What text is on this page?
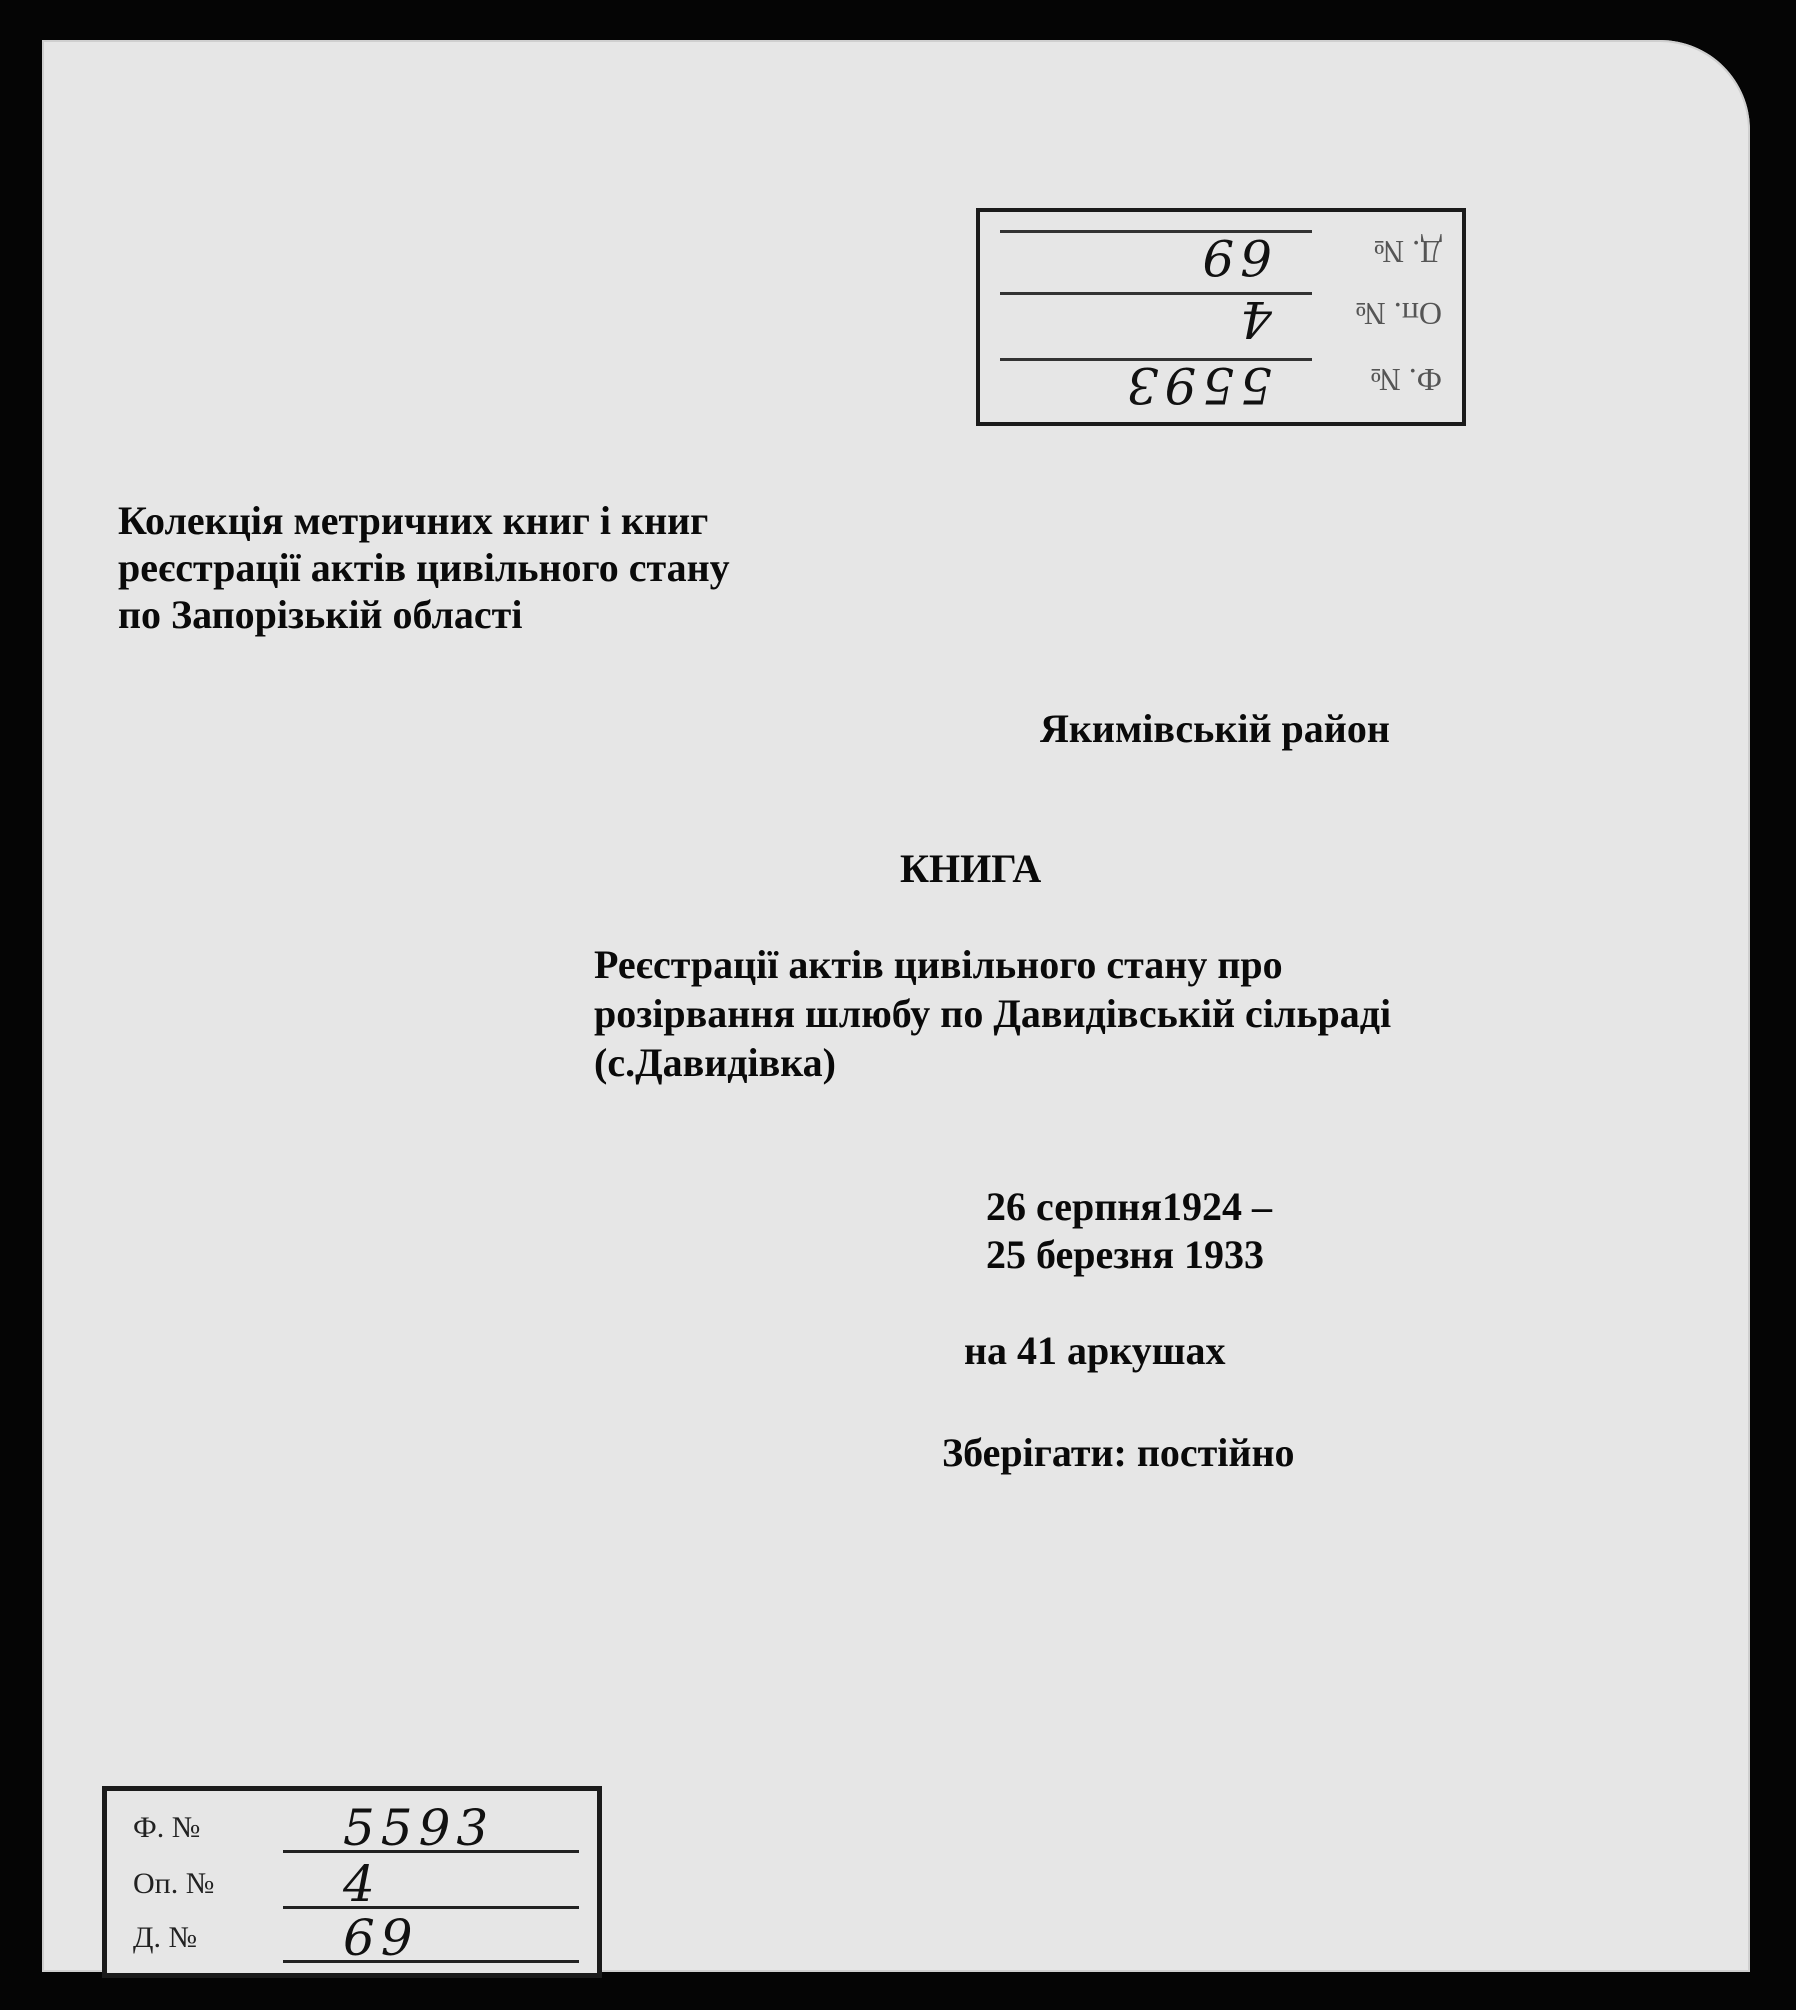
Ф. №
5593
Оп. №
4
Д. №
69
Колекція метричних книг і книг
реєстрації актів цивільного стану
по Запорізькій області
Якимівській район
КНИГА
Реєстрації актів цивільного стану про
розірвання шлюбу по Давидівській сільраді
(с.Давидівка)
26 серпня1924 –
25 березня 1933
на 41 аркушах
Зберігати: постійно
Ф. №	5593
Оп. №	4
Д. №	69
